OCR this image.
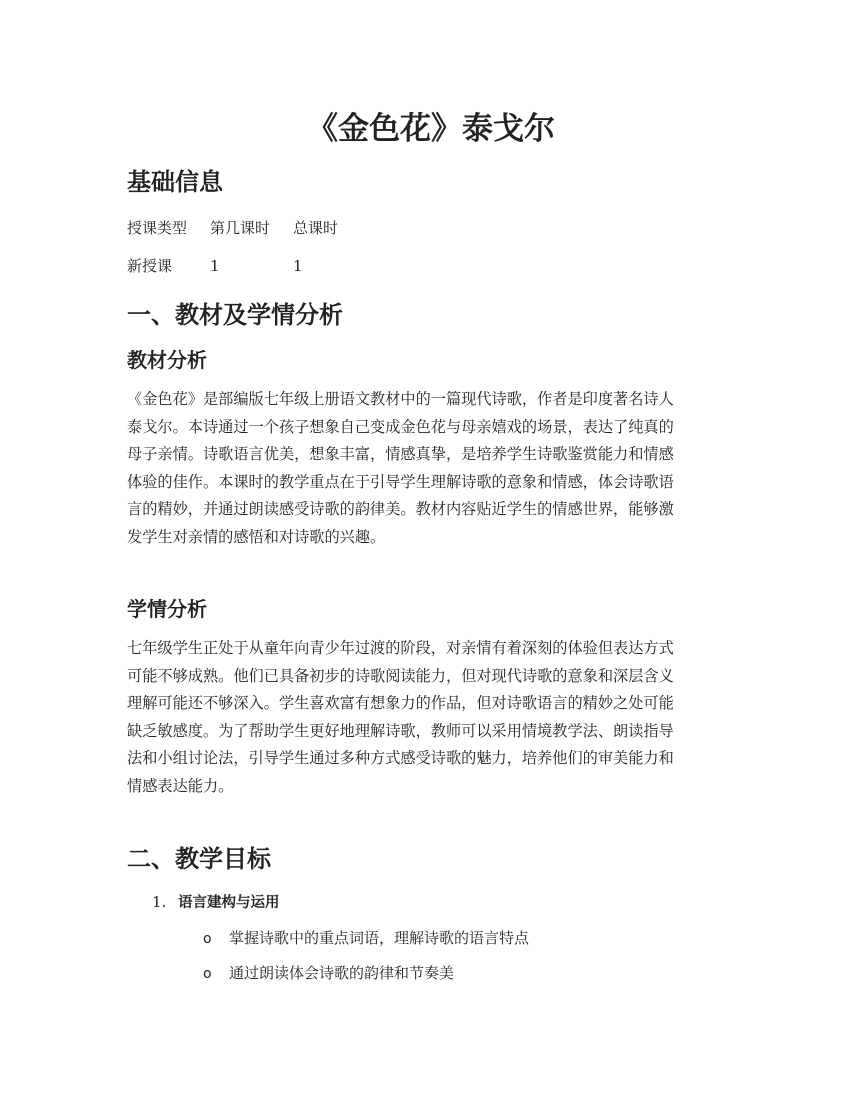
《金色花》泰戈尔
基础信息
授课类型 第几课时 总课时
新授课	1	1
一、教材及学情分析
教材分析
《金色花》是部编版七年级上册语文教材中的一篇现代诗歌，作者是印度著名诗人
泰戈尔。本诗通过一个孩子想象自己变成金色花与母亲嬉戏的场景，表达了纯真的
母子亲情。诗歌语言优美，想象丰富，情感真挚，是培养学生诗歌鉴赏能力和情感
体验的佳作。本课时的教学重点在于引导学生理解诗歌的意象和情感，体会诗歌语
言的精妙，并通过朗读感受诗歌的韵律美。教材内容贴近学生的情感世界，能够激
发学生对亲情的感悟和对诗歌的兴趣。
学情分析
七年级学生正处于从童年向青少年过渡的阶段，对亲情有着深刻的体验但表达方式
可能不够成熟。他们已具备初步的诗歌阅读能力，但对现代诗歌的意象和深层含义
理解可能还不够深入。学生喜欢富有想象力的作品，但对诗歌语言的精妙之处可能
缺乏敏感度。为了帮助学生更好地理解诗歌，教师可以采用情境教学法、朗读指导
法和小组讨论法，引导学生通过多种方式感受诗歌的魅力，培养他们的审美能力和
情感表达能力。
二、教学目标
1. 语言建构与运用
o 掌握诗歌中的重点词语，理解诗歌的语言特点
o 通过朗读体会诗歌的韵律和节奏美
